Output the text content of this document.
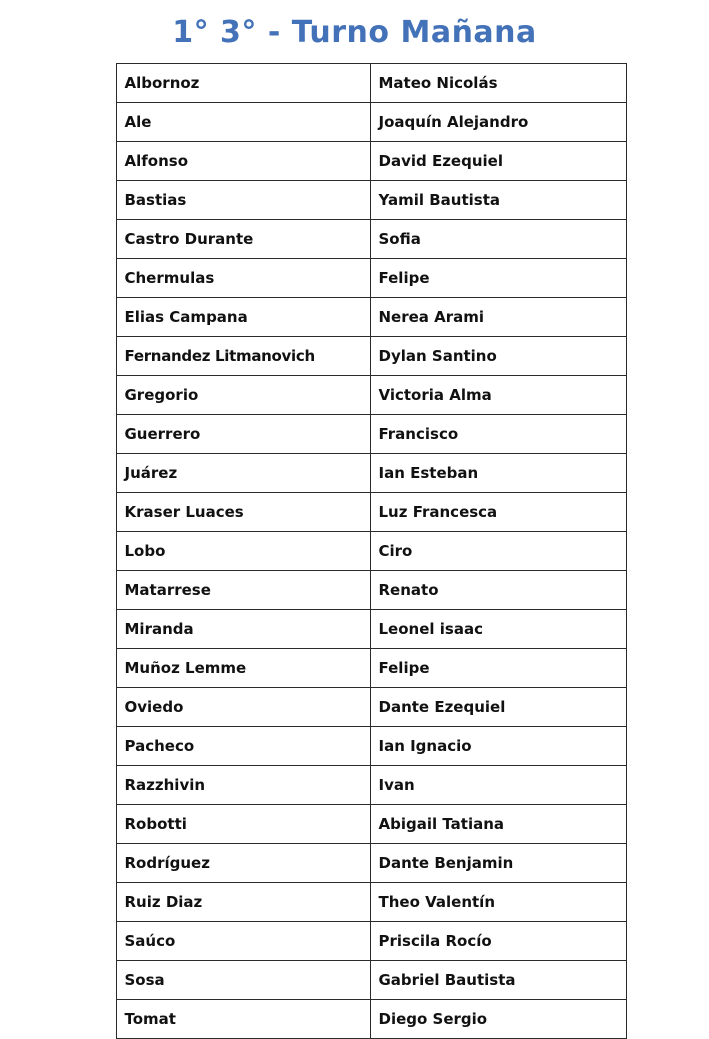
1° 3° - Turno Mañana
Albornoz	Mateo Nicolás
Ale	Joaquín Alejandro
Alfonso	David Ezequiel
Bastias	Yamil Bautista
Castro Durante	Sofia
Chermulas	Felipe
Elias Campana	Nerea Arami
Fernandez Litmanovich	Dylan Santino
Gregorio	Victoria Alma
Guerrero	Francisco
Juárez	Ian Esteban
Kraser Luaces	Luz Francesca
Lobo	Ciro
Matarrese	Renato
Miranda	Leonel isaac
Muñoz Lemme	Felipe
Oviedo	Dante Ezequiel
Pacheco	Ian Ignacio
Razzhivin	Ivan
Robotti	Abigail Tatiana
Rodríguez	Dante Benjamin
Ruiz Diaz	Theo Valentín
Saúco	Priscila Rocío
Sosa	Gabriel Bautista
Tomat	Diego Sergio
